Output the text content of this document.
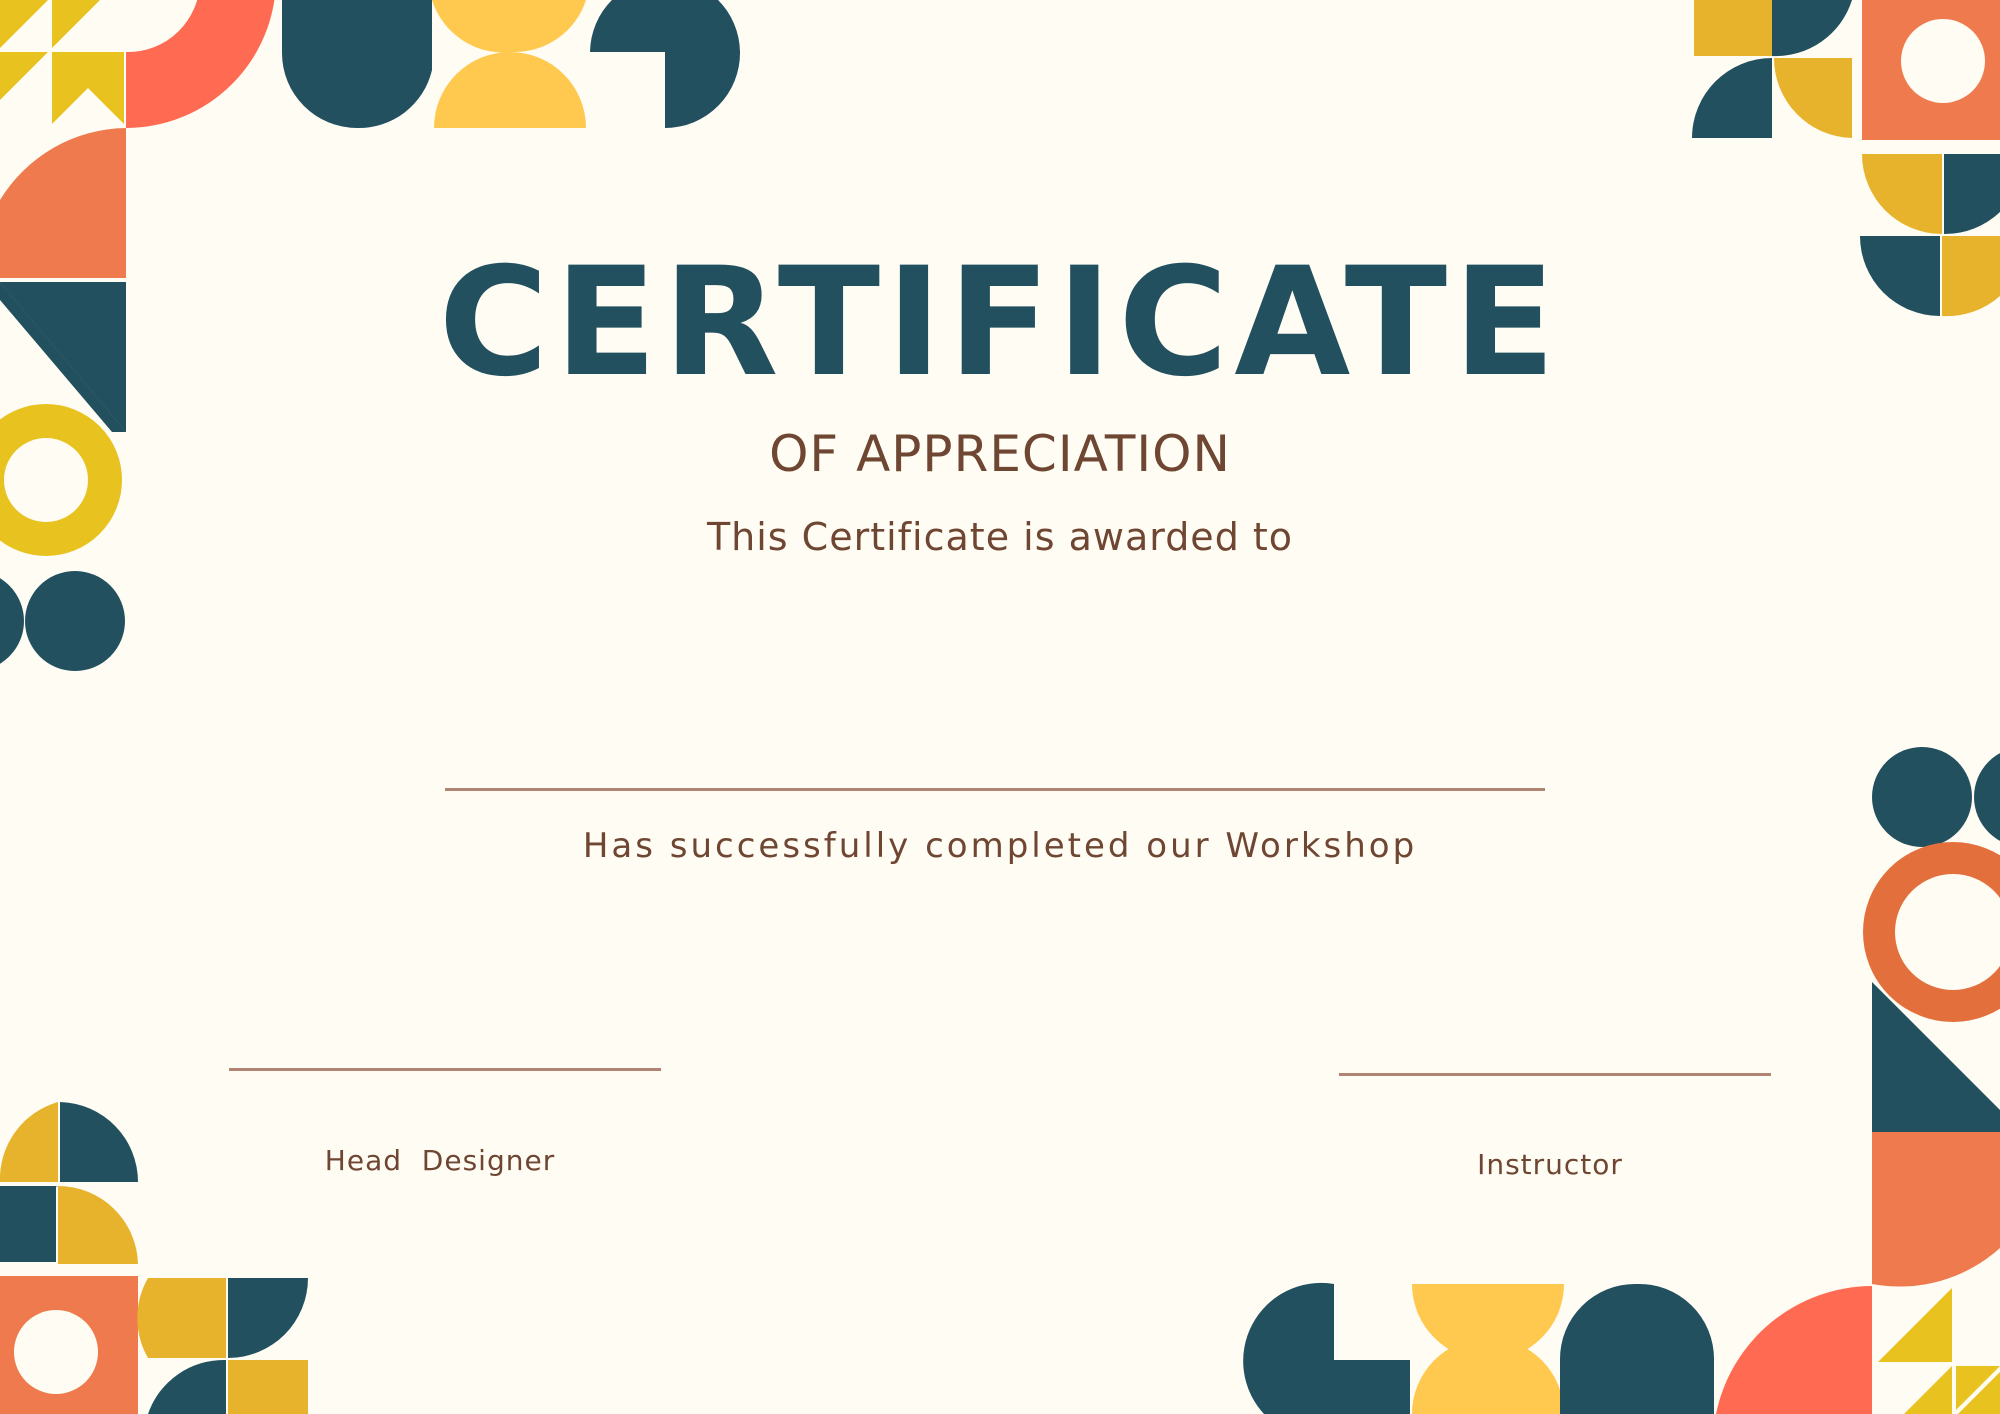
CERTIFICATE
OF APPRECIATION
This Certificate is awarded to
Has successfully completed our Workshop
Head  Designer	Instructor
